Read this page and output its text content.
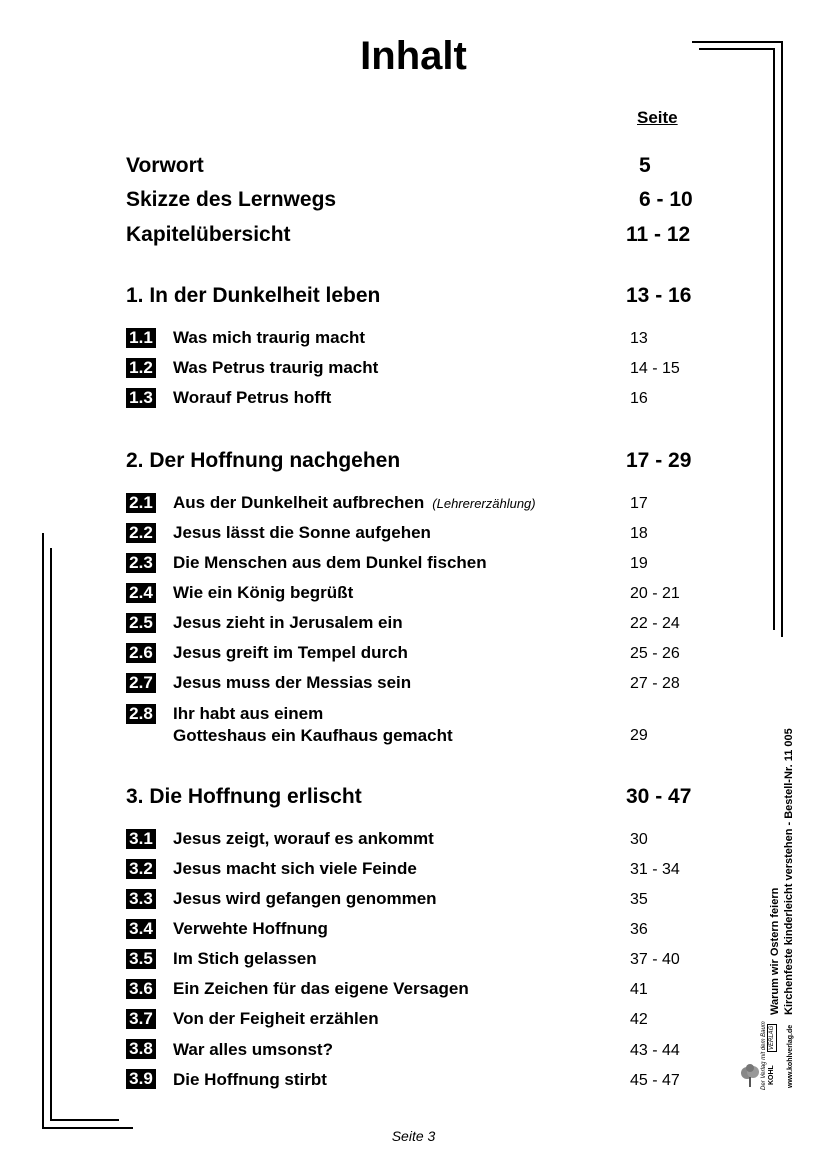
Inhalt
Seite
Vorwort	5
Skizze des Lernwegs	6 - 10
Kapitelübersicht	11 - 12
1. In der Dunkelheit leben	13 - 16
1.1 Was mich traurig macht	13
1.2 Was Petrus traurig macht	14 - 15
1.3 Worauf Petrus hofft	16
2. Der Hoffnung nachgehen	17 - 29
2.1 Aus der Dunkelheit aufbrechen (Lehrererzählung)	17
2.2 Jesus lässt die Sonne aufgehen	18
2.3 Die Menschen aus dem Dunkel fischen	19
2.4 Wie ein König begrüßt	20 - 21
2.5 Jesus zieht in Jerusalem ein	22 - 24
2.6 Jesus greift im Tempel durch	25 - 26
2.7 Jesus muss der Messias sein	27 - 28
2.8 Ihr habt aus einem
Gotteshaus ein Kaufhaus gemacht	29
3. Die Hoffnung erlischt	30 - 47
3.1 Jesus zeigt, worauf es ankommt	30
3.2 Jesus macht sich viele Feinde	31 - 34
3.3 Jesus wird gefangen genommen	35
3.4 Verwehte Hoffnung	36
3.5 Im Stich gelassen	37 - 40
3.6 Ein Zeichen für das eigene Versagen	41
3.7 Von der Feigheit erzählen	42
3.8 War alles umsonst?	43 - 44
3.9 Die Hoffnung stirbt	45 - 47
Warum wir Ostern feiern Kirchenfeste kinderleicht verstehen - Bestell-Nr. 11 005
www.kohlverlag.de
KOHL
VERLAG
Der Verlag mit dem Baum
Seite 3
